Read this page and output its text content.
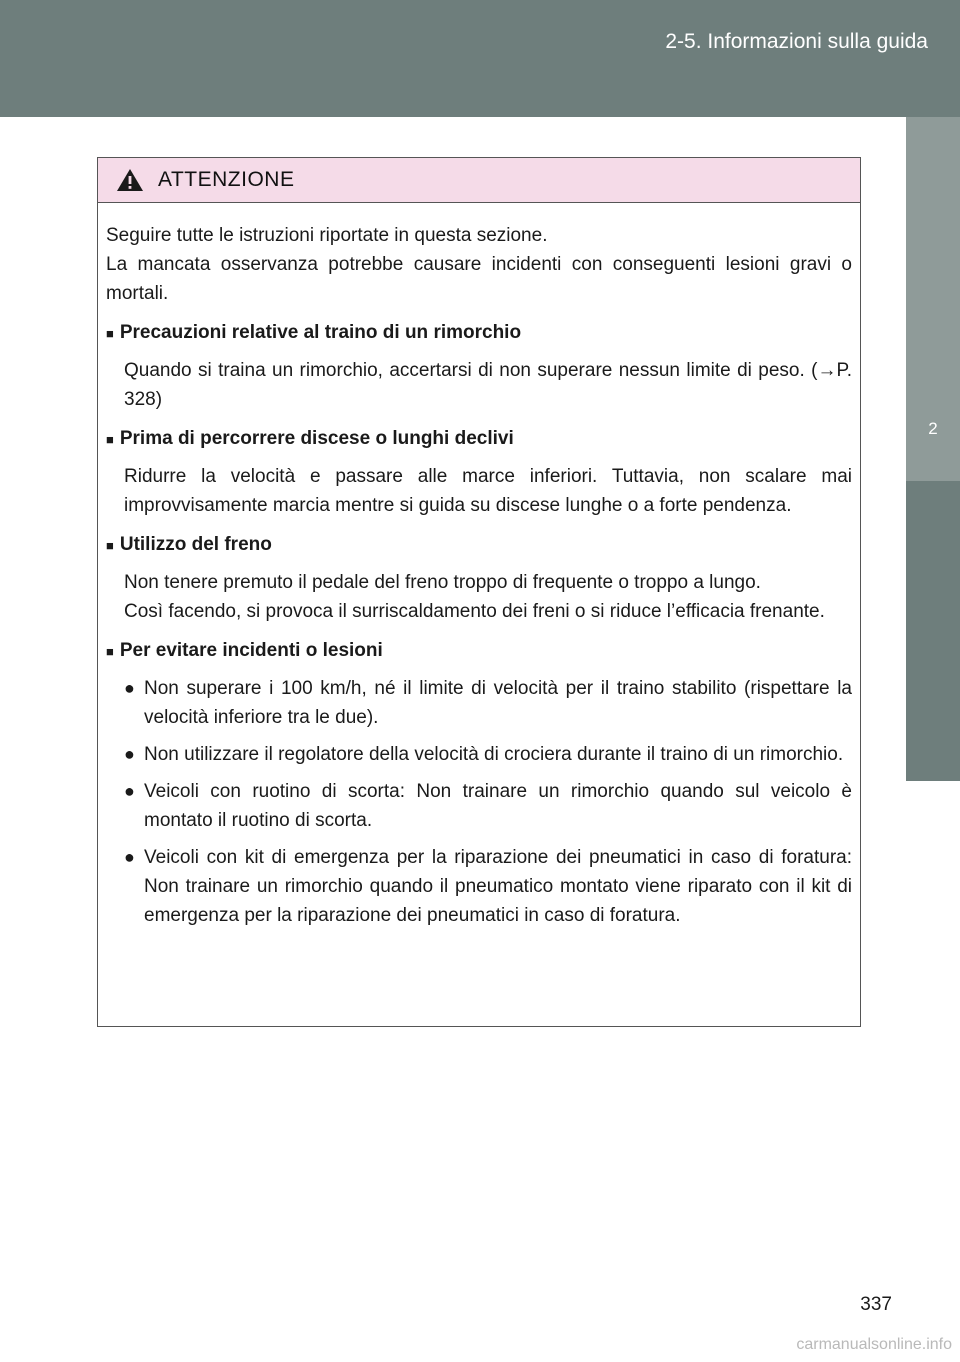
2-5. Informazioni sulla guida
2
Durante la guida
ATTENZIONE

Seguire tutte le istruzioni riportate in questa sezione.

La mancata osservanza potrebbe causare incidenti con conseguenti lesioni gravi o mortali.

■ Precauzioni relative al traino di un rimorchio

Quando si traina un rimorchio, accertarsi di non superare nessun limite di peso. (→P. 328)

■ Prima di percorrere discese o lunghi declivi

Ridurre la velocità e passare alle marce inferiori. Tuttavia, non scalare mai improvvisamente marcia mentre si guida su discese lunghe o a forte pendenza.

■ Utilizzo del freno

Non tenere premuto il pedale del freno troppo di frequente o troppo a lungo.

Così facendo, si provoca il surriscaldamento dei freni o si riduce l’efficacia frenante.

■ Per evitare incidenti o lesioni
● Non superare i 100 km/h, né il limite di velocità per il traino stabilito (rispettare la velocità inferiore tra le due).
● Non utilizzare il regolatore della velocità di crociera durante il traino di un rimorchio.
● Veicoli con ruotino di scorta: Non trainare un rimorchio quando sul veicolo è montato il ruotino di scorta.
● Veicoli con kit di emergenza per la riparazione dei pneumatici in caso di foratura: Non trainare un rimorchio quando il pneumatico montato viene riparato con il kit di emergenza per la riparazione dei pneumatici in caso di foratura.
337
carmanualsonline.info
